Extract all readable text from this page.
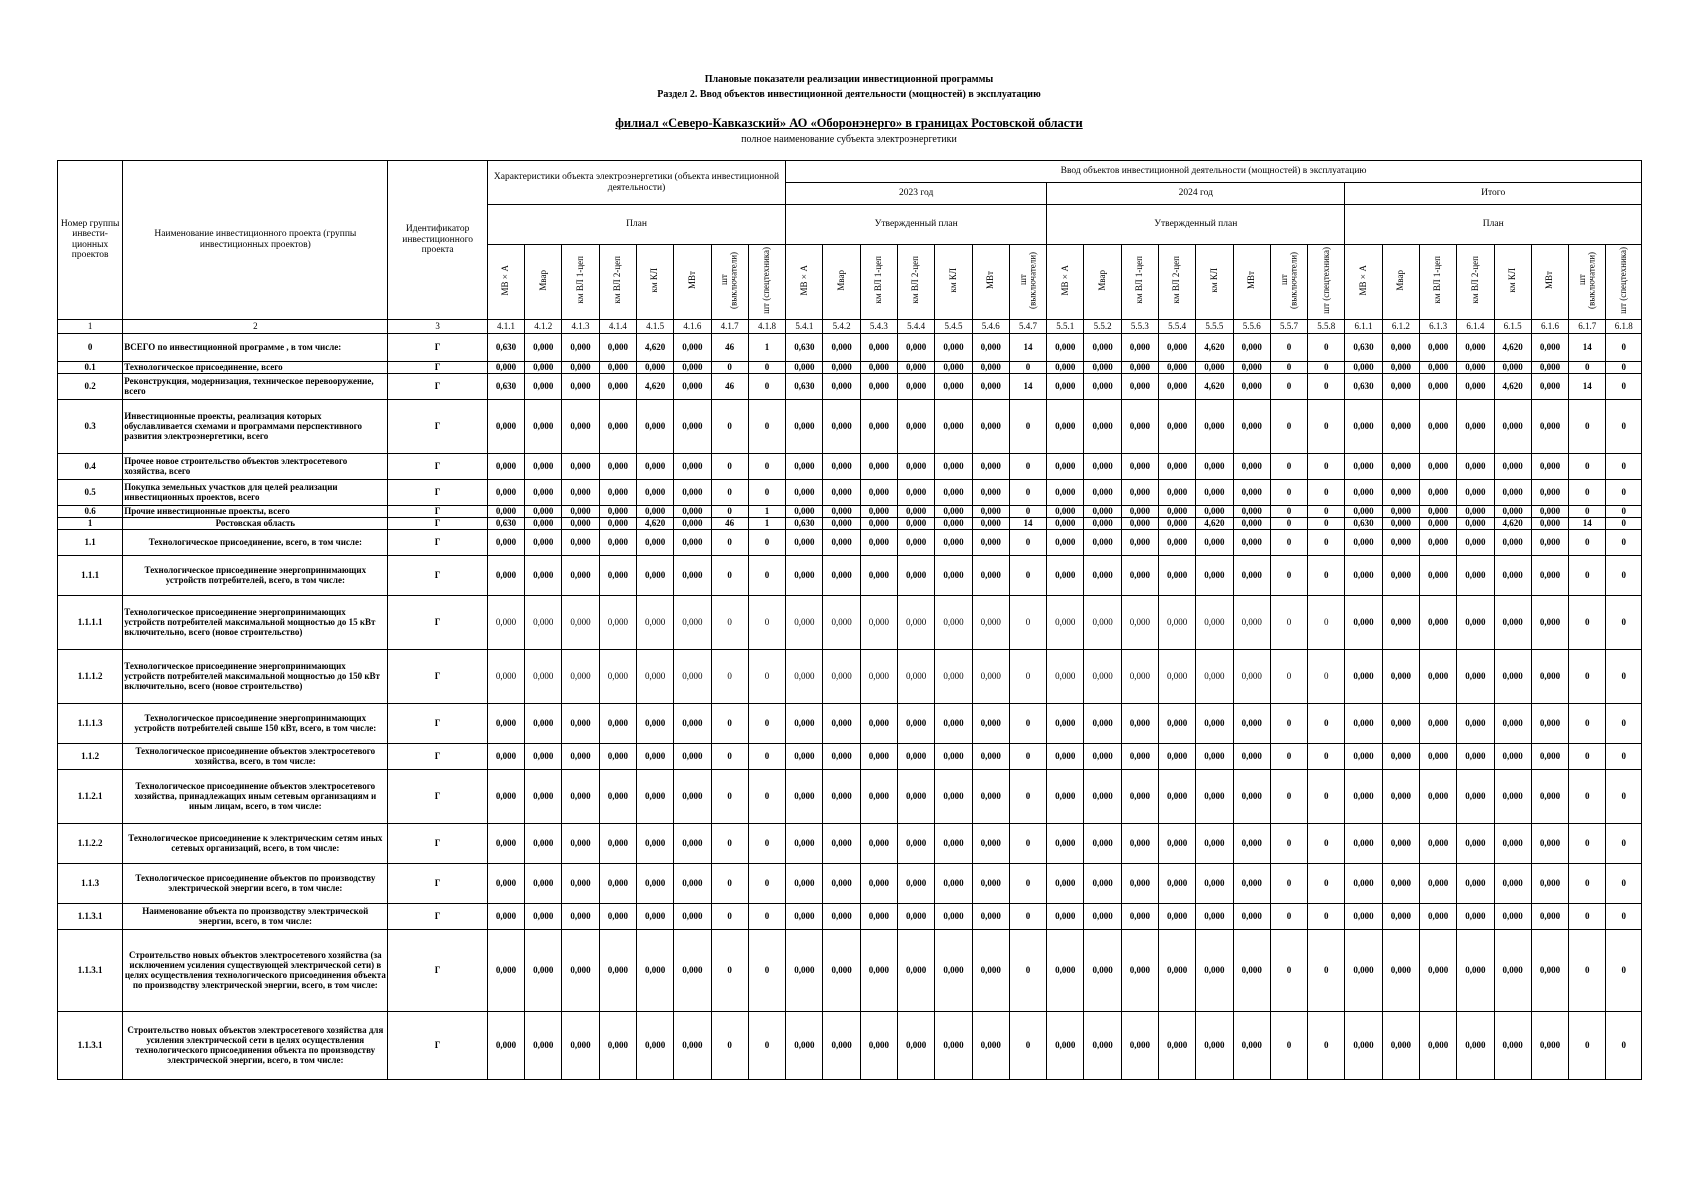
Плановые показатели реализации инвестиционной программы
Раздел 2. Ввод объектов инвестиционной деятельности (мощностей) в эксплуатацию
филиал «Северо-Кавказский» АО «Оборонэнерго» в границах Ростовской области
полное наименование субъекта электроэнергетики
Номер группы инвести-ционных проектов	Наименование инвестиционного проекта (группы инвестиционных проектов)	Идентификатор инвестиционного проекта	Характеристики объекта электроэнергетики (объекта инвестиционной деятельности)								Ввод объектов инвестиционной деятельности (мощностей) в эксплуатацию																						
											2023 год							2024 год								Итого							
			План								Утвержденный план							Утвержденный план								План							
			МВ×А	Мвар	км ВЛ 1-цеп	км ВЛ 2-цеп	км КЛ	МВт	шт (выключатели)	шт (спецтехника)	МВ×А	Мвар	км ВЛ 1-цеп	км ВЛ 2-цеп	км КЛ	МВт	шт (выключатели)	МВ×А	Мвар	км ВЛ 1-цеп	км ВЛ 2-цеп	км КЛ	МВт	шт (выключатели)	шт (спецтехника)	МВ×А	Мвар	км ВЛ 1-цеп	км ВЛ 2-цеп	км КЛ	МВт	шт (выключатели)	шт (спецтехника)
1	2	3	4.1.1	4.1.2	4.1.3	4.1.4	4.1.5	4.1.6	4.1.7	4.1.8	5.4.1	5.4.2	5.4.3	5.4.4	5.4.5	5.4.6	5.4.7	5.5.1	5.5.2	5.5.3	5.5.4	5.5.5	5.5.6	5.5.7	5.5.8	6.1.1	6.1.2	6.1.3	6.1.4	6.1.5	6.1.6	6.1.7	6.1.8
0	ВСЕГО по инвестиционной программе , в том числе:	Г	0,630	0,000	0,000	0,000	4,620	0,000	46	1	0,630	0,000	0,000	0,000	0,000	0,000	14	0,000	0,000	0,000	0,000	4,620	0,000	0	0	0,630	0,000	0,000	0,000	4,620	0,000	14	0
0.1	Технологическое присоединение, всего	Г	0,000	0,000	0,000	0,000	0,000	0,000	0	0	0,000	0,000	0,000	0,000	0,000	0,000	0	0,000	0,000	0,000	0,000	0,000	0,000	0	0	0,000	0,000	0,000	0,000	0,000	0,000	0	0
0.2	Реконструкция, модернизация, техническое перевооружение, всего	Г	0,630	0,000	0,000	0,000	4,620	0,000	46	0	0,630	0,000	0,000	0,000	0,000	0,000	14	0,000	0,000	0,000	0,000	4,620	0,000	0	0	0,630	0,000	0,000	0,000	4,620	0,000	14	0
0.3	Инвестиционные проекты, реализация которых обуславливается схемами и программами перспективного развития электроэнергетики, всего	Г	0,000	0,000	0,000	0,000	0,000	0,000	0	0	0,000	0,000	0,000	0,000	0,000	0,000	0	0,000	0,000	0,000	0,000	0,000	0,000	0	0	0,000	0,000	0,000	0,000	0,000	0,000	0	0
0.4	Прочее новое строительство объектов электросетевого хозяйства, всего	Г	0,000	0,000	0,000	0,000	0,000	0,000	0	0	0,000	0,000	0,000	0,000	0,000	0,000	0	0,000	0,000	0,000	0,000	0,000	0,000	0	0	0,000	0,000	0,000	0,000	0,000	0,000	0	0
0.5	Покупка земельных участков для целей реализации инвестиционных проектов, всего	Г	0,000	0,000	0,000	0,000	0,000	0,000	0	0	0,000	0,000	0,000	0,000	0,000	0,000	0	0,000	0,000	0,000	0,000	0,000	0,000	0	0	0,000	0,000	0,000	0,000	0,000	0,000	0	0
0.6	Прочие инвестиционные проекты, всего	Г	0,000	0,000	0,000	0,000	0,000	0,000	0	1	0,000	0,000	0,000	0,000	0,000	0,000	0	0,000	0,000	0,000	0,000	0,000	0,000	0	0	0,000	0,000	0,000	0,000	0,000	0,000	0	0
1	Ростовская область	Г	0,630	0,000	0,000	0,000	4,620	0,000	46	1	0,630	0,000	0,000	0,000	0,000	0,000	14	0,000	0,000	0,000	0,000	4,620	0,000	0	0	0,630	0,000	0,000	0,000	4,620	0,000	14	0
1.1	Технологическое присоединение, всего, в том числе:	Г	0,000	0,000	0,000	0,000	0,000	0,000	0	0	0,000	0,000	0,000	0,000	0,000	0,000	0	0,000	0,000	0,000	0,000	0,000	0,000	0	0	0,000	0,000	0,000	0,000	0,000	0,000	0	0
1.1.1	Технологическое присоединение энергопринимающих устройств потребителей, всего, в том числе:	Г	0,000	0,000	0,000	0,000	0,000	0,000	0	0	0,000	0,000	0,000	0,000	0,000	0,000	0	0,000	0,000	0,000	0,000	0,000	0,000	0	0	0,000	0,000	0,000	0,000	0,000	0,000	0	0
1.1.1.1	Технологическое присоединение энергопринимающих устройств потребителей максимальной мощностью до 15 кВт включительно, всего (новое строительство)	Г	0,000	0,000	0,000	0,000	0,000	0,000	0	0	0,000	0,000	0,000	0,000	0,000	0,000	0	0,000	0,000	0,000	0,000	0,000	0,000	0	0	0,000	0,000	0,000	0,000	0,000	0,000	0	0
1.1.1.2	Технологическое присоединение энергопринимающих устройств потребителей максимальной мощностью до 150 кВт включительно, всего (новое строительство)	Г	0,000	0,000	0,000	0,000	0,000	0,000	0	0	0,000	0,000	0,000	0,000	0,000	0,000	0	0,000	0,000	0,000	0,000	0,000	0,000	0	0	0,000	0,000	0,000	0,000	0,000	0,000	0	0
1.1.1.3	Технологическое присоединение энергопринимающих устройств потребителей свыше 150 кВт, всего, в том числе:	Г	0,000	0,000	0,000	0,000	0,000	0,000	0	0	0,000	0,000	0,000	0,000	0,000	0,000	0	0,000	0,000	0,000	0,000	0,000	0,000	0	0	0,000	0,000	0,000	0,000	0,000	0,000	0	0
1.1.2	Технологическое присоединение объектов электросетевого хозяйства, всего, в том числе:	Г	0,000	0,000	0,000	0,000	0,000	0,000	0	0	0,000	0,000	0,000	0,000	0,000	0,000	0	0,000	0,000	0,000	0,000	0,000	0,000	0	0	0,000	0,000	0,000	0,000	0,000	0,000	0	0
1.1.2.1	Технологическое присоединение объектов электросетевого хозяйства, принадлежащих иным сетевым организациям и иным лицам, всего, в том числе:	Г	0,000	0,000	0,000	0,000	0,000	0,000	0	0	0,000	0,000	0,000	0,000	0,000	0,000	0	0,000	0,000	0,000	0,000	0,000	0,000	0	0	0,000	0,000	0,000	0,000	0,000	0,000	0	0
1.1.2.2	Технологическое присоединение к электрическим сетям иных сетевых организаций, всего, в том числе:	Г	0,000	0,000	0,000	0,000	0,000	0,000	0	0	0,000	0,000	0,000	0,000	0,000	0,000	0	0,000	0,000	0,000	0,000	0,000	0,000	0	0	0,000	0,000	0,000	0,000	0,000	0,000	0	0
1.1.3	Технологическое присоединение объектов по производству электрической энергии всего, в том числе:	Г	0,000	0,000	0,000	0,000	0,000	0,000	0	0	0,000	0,000	0,000	0,000	0,000	0,000	0	0,000	0,000	0,000	0,000	0,000	0,000	0	0	0,000	0,000	0,000	0,000	0,000	0,000	0	0
1.1.3.1	Наименование объекта по производству электрической энергии, всего, в том числе:	Г	0,000	0,000	0,000	0,000	0,000	0,000	0	0	0,000	0,000	0,000	0,000	0,000	0,000	0	0,000	0,000	0,000	0,000	0,000	0,000	0	0	0,000	0,000	0,000	0,000	0,000	0,000	0	0
1.1.3.1	Строительство новых объектов электросетевого хозяйства (за исключением усиления существующей электрической сети) в целях осуществления технологического присоединения объекта по производству электрической энергии, всего, в том числе:	Г	0,000	0,000	0,000	0,000	0,000	0,000	0	0	0,000	0,000	0,000	0,000	0,000	0,000	0	0,000	0,000	0,000	0,000	0,000	0,000	0	0	0,000	0,000	0,000	0,000	0,000	0,000	0	0
1.1.3.1	Строительство новых объектов электросетевого хозяйства для усиления электрической сети в целях осуществления технологического присоединения объекта по производству электрической энергии, всего, в том числе:	Г	0,000	0,000	0,000	0,000	0,000	0,000	0	0	0,000	0,000	0,000	0,000	0,000	0,000	0	0,000	0,000	0,000	0,000	0,000	0,000	0	0	0,000	0,000	0,000	0,000	0,000	0,000	0	0
